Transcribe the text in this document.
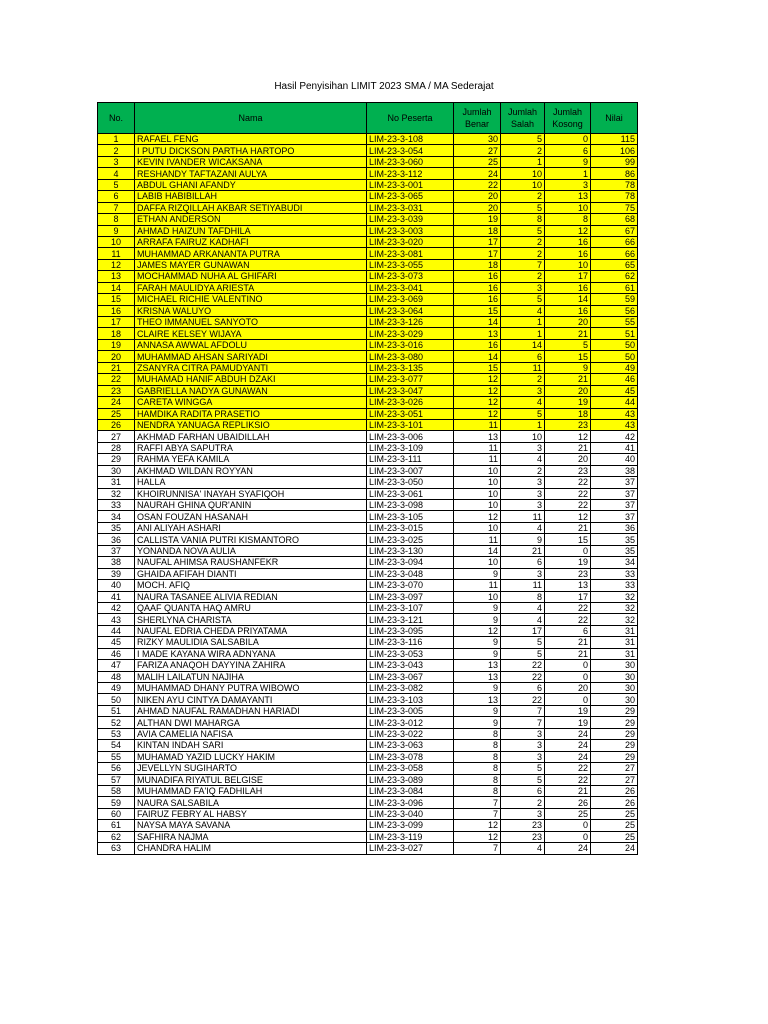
Hasil Penyisihan LIMIT 2023 SMA / MA Sederajat
No.	Nama	No Peserta	Jumlah Benar	Jumlah Salah	Jumlah Kosong	Nilai
1	RAFAEL FENG	LIM-23-3-108	30	5	0	115
2	I PUTU DICKSON PARTHA HARTOPO	LIM-23-3-054	27	2	6	106
3	KEVIN IVANDER WICAKSANA	LIM-23-3-060	25	1	9	99
4	RESHANDY TAFTAZANI AULYA	LIM-23-3-112	24	10	1	86
5	ABDUL GHANI AFANDY	LIM-23-3-001	22	10	3	78
6	LABIB HABIBILLAH	LIM-23-3-065	20	2	13	78
7	DAFFA RIZQILLAH AKBAR SETIYABUDI	LIM-23-3-031	20	5	10	75
8	ETHAN ANDERSON	LIM-23-3-039	19	8	8	68
9	AHMAD HAIZUN TAFDHILA	LIM-23-3-003	18	5	12	67
10	ARRAFA FAIRUZ KADHAFI	LIM-23-3-020	17	2	16	66
11	MUHAMMAD ARKANANTA PUTRA	LIM-23-3-081	17	2	16	66
12	JAMES MAYER GUNAWAN	LIM-23-3-055	18	7	10	65
13	MOCHAMMAD NUHA AL GHIFARI	LIM-23-3-073	16	2	17	62
14	FARAH MAULIDYA ARIESTA	LIM-23-3-041	16	3	16	61
15	MICHAEL RICHIE VALENTINO	LIM-23-3-069	16	5	14	59
16	KRISNA WALUYO	LIM-23-3-064	15	4	16	56
17	THEO IMMANUEL SANYOTO	LIM-23-3-126	14	1	20	55
18	CLAIRE KELSEY WIJAYA	LIM-23-3-029	13	1	21	51
19	ANNASA AWWAL AFDOLU	LIM-23-3-016	16	14	5	50
20	MUHAMMAD AHSAN SARIYADI	LIM-23-3-080	14	6	15	50
21	ZSANYRA CITRA PAMUDYANTI	LIM-23-3-135	15	11	9	49
22	MUHAMAD HANIF ABDUH DZAKI	LIM-23-3-077	12	2	21	46
23	GABRIELLA NADYA GUNAWAN	LIM-23-3-047	12	3	20	45
24	CARETA WINGGA	LIM-23-3-026	12	4	19	44
25	HAMDIKA RADITA PRASETIO	LIM-23-3-051	12	5	18	43
26	NENDRA YANUAGA REPLIKSIO	LIM-23-3-101	11	1	23	43
27	AKHMAD FARHAN UBAIDILLAH	LIM-23-3-006	13	10	12	42
28	RAFFI ABYA SAPUTRA	LIM-23-3-109	11	3	21	41
29	RAHMA YEFA KAMILA	LIM-23-3-111	11	4	20	40
30	AKHMAD WILDAN ROYYAN	LIM-23-3-007	10	2	23	38
31	HALLA	LIM-23-3-050	10	3	22	37
32	KHOIRUNNISA' INAYAH SYAFIQOH	LIM-23-3-061	10	3	22	37
33	NAURAH GHINA QUR'ANIN	LIM-23-3-098	10	3	22	37
34	OSAN FOUZAN HASANAH	LIM-23-3-105	12	11	12	37
35	ANI ALIYAH ASHARI	LIM-23-3-015	10	4	21	36
36	CALLISTA VANIA PUTRI KISMANTORO	LIM-23-3-025	11	9	15	35
37	YONANDA NOVA AULIA	LIM-23-3-130	14	21	0	35
38	NAUFAL AHIMSA RAUSHANFEKR	LIM-23-3-094	10	6	19	34
39	GHAIDA AFIFAH DIANTI	LIM-23-3-048	9	3	23	33
40	MOCH. AFIQ	LIM-23-3-070	11	11	13	33
41	NAURA TASANEE ALIVIA REDIAN	LIM-23-3-097	10	8	17	32
42	QAAF QUANTA HAQ AMRU	LIM-23-3-107	9	4	22	32
43	SHERLYNA CHARISTA	LIM-23-3-121	9	4	22	32
44	NAUFAL EDRIA CHEDA PRIYATAMA	LIM-23-3-095	12	17	6	31
45	RIZKY MAULIDIA SALSABILA	LIM-23-3-116	9	5	21	31
46	I MADE KAYANA WIRA ADNYANA	LIM-23-3-053	9	5	21	31
47	FARIZA ANAQOH DAYYINA ZAHIRA	LIM-23-3-043	13	22	0	30
48	MALIH LAILATUN NAJIHA	LIM-23-3-067	13	22	0	30
49	MUHAMMAD DHANY PUTRA WIBOWO	LIM-23-3-082	9	6	20	30
50	NIKEN AYU CINTYA DAMAYANTI	LIM-23-3-103	13	22	0	30
51	AHMAD NAUFAL RAMADHAN HARIADI	LIM-23-3-005	9	7	19	29
52	ALTHAN DWI MAHARGA	LIM-23-3-012	9	7	19	29
53	AVIA CAMELIA NAFISA	LIM-23-3-022	8	3	24	29
54	KINTAN INDAH SARI	LIM-23-3-063	8	3	24	29
55	MUHAMAD YAZID LUCKY HAKIM	LIM-23-3-078	8	3	24	29
56	JEVELLYN SUGIHARTO	LIM-23-3-058	8	5	22	27
57	MUNADIFA RIYATUL BELGISE	LIM-23-3-089	8	5	22	27
58	MUHAMMAD FA'IQ FADHILAH	LIM-23-3-084	8	6	21	26
59	NAURA SALSABILA	LIM-23-3-096	7	2	26	26
60	FAIRUZ FEBRY AL HABSY	LIM-23-3-040	7	3	25	25
61	NAYSA MAYA SAVANA	LIM-23-3-099	12	23	0	25
62	SAFHIRA NAJMA	LIM-23-3-119	12	23	0	25
63	CHANDRA HALIM	LIM-23-3-027	7	4	24	24
